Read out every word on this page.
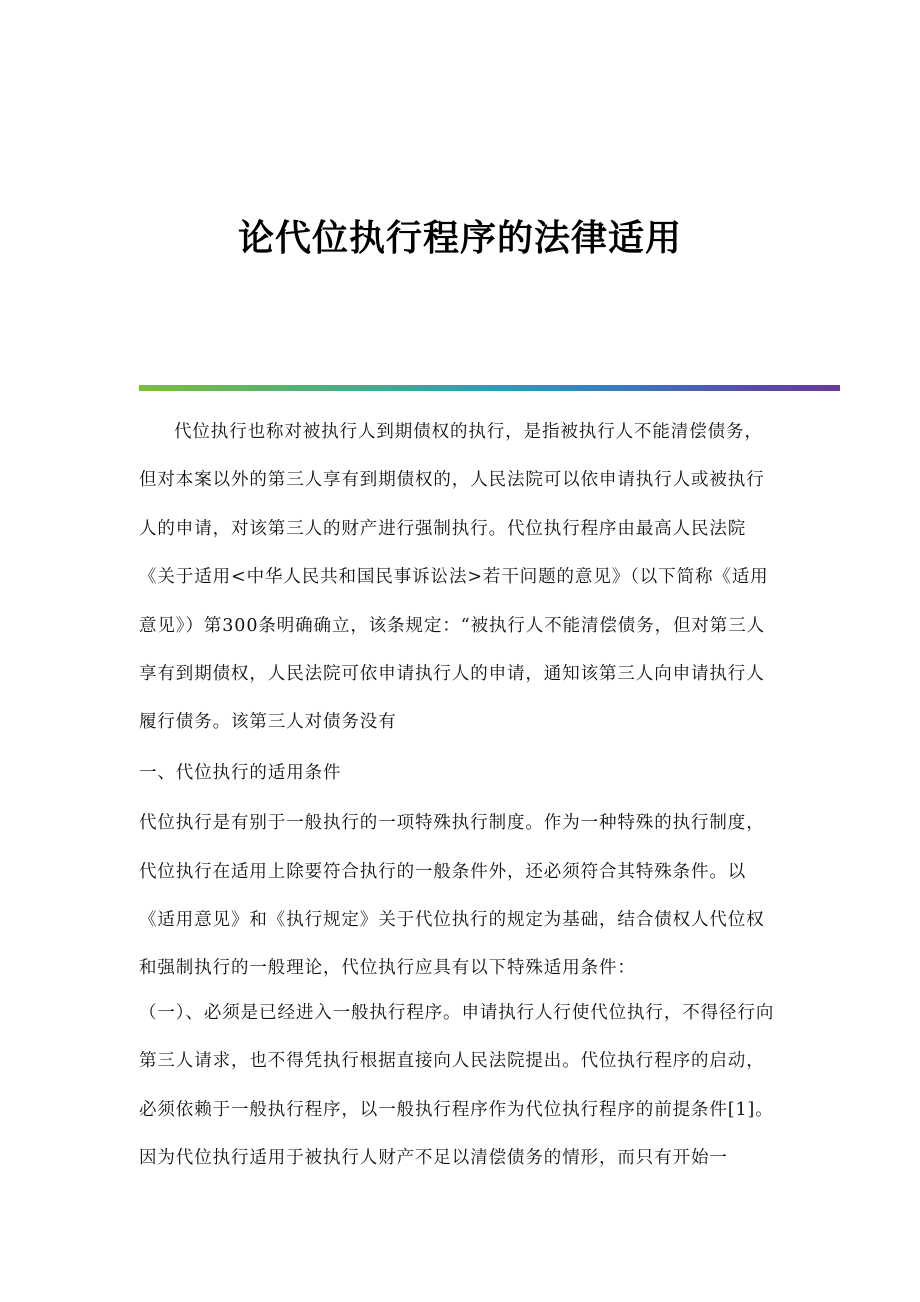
论代位执行程序的法律适用

代位执行也称对被执行人到期债权的执行，是指被执行人不能清偿债务，但对本案以外的第三人享有到期债权的，人民法院可以依申请执行人或被执行人的申请，对该第三人的财产进行强制执行。代位执行程序由最高人民法院《关于适用<中华人民共和国民事诉讼法>若干问题的意见》（以下简称《适用意见》）第300条明确确立，该条规定：“被执行人不能清偿债务，但对第三人享有到期债权，人民法院可依申请执行人的申请，通知该第三人向申请执行人履行债务。该第三人对债务没有

一、代位执行的适用条件

代位执行是有别于一般执行的一项特殊执行制度。作为一种特殊的执行制度，代位执行在适用上除要符合执行的一般条件外，还必须符合其特殊条件。以《适用意见》和《执行规定》关于代位执行的规定为基础，结合债权人代位权和强制执行的一般理论，代位执行应具有以下特殊适用条件：

（一）、必须是已经进入一般执行程序。申请执行人行使代位执行，不得径行向第三人请求，也不得凭执行根据直接向人民法院提出。代位执行程序的启动，必须依赖于一般执行程序，以一般执行程序作为代位执行程序的前提条件[1]。因为代位执行适用于被执行人财产不足以清偿债务的情形，而只有开始一
